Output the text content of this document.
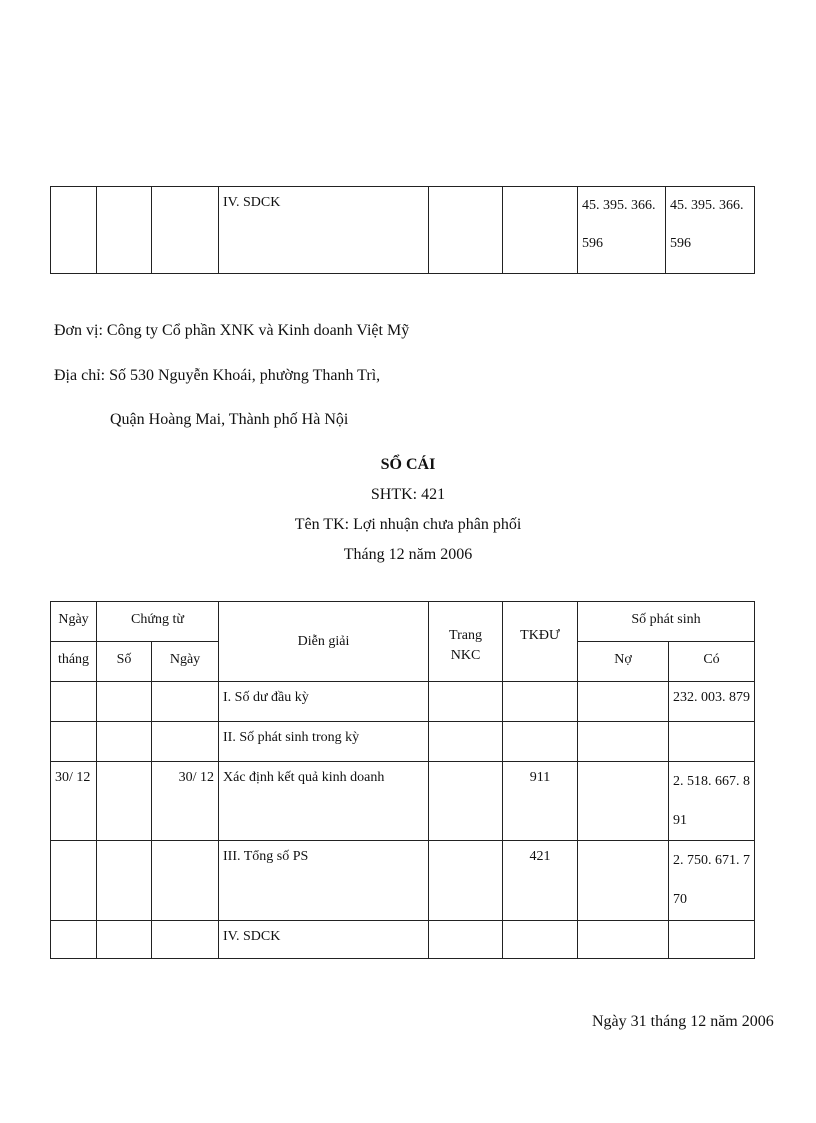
			IV. SDCK			45. 395. 366. 596	45. 395. 366. 596
Đơn vị: Công ty Cổ phần XNK và Kinh doanh Việt Mỹ
Địa chỉ: Số 530 Nguyễn Khoái, phường Thanh Trì,
Quận Hoàng Mai, Thành phố Hà Nội
SỔ CÁI
SHTK: 421
Tên TK: Lợi nhuận chưa phân phối
Tháng 12 năm 2006
Ngày	Chứng từ		Diễn giải	Trang NKC	TKĐƯ	Số phát sinh	
tháng	Số	Ngày				Nợ	Có
			I. Số dư đầu kỳ				232. 003. 879
			II. Số phát sinh trong kỳ				
30/ 12		30/ 12	Xác định kết quả kinh doanh		911		2. 518. 667. 891
			III. Tổng số PS		421		2. 750. 671. 770
			IV. SDCK				
Ngày 31 tháng 12 năm 2006
